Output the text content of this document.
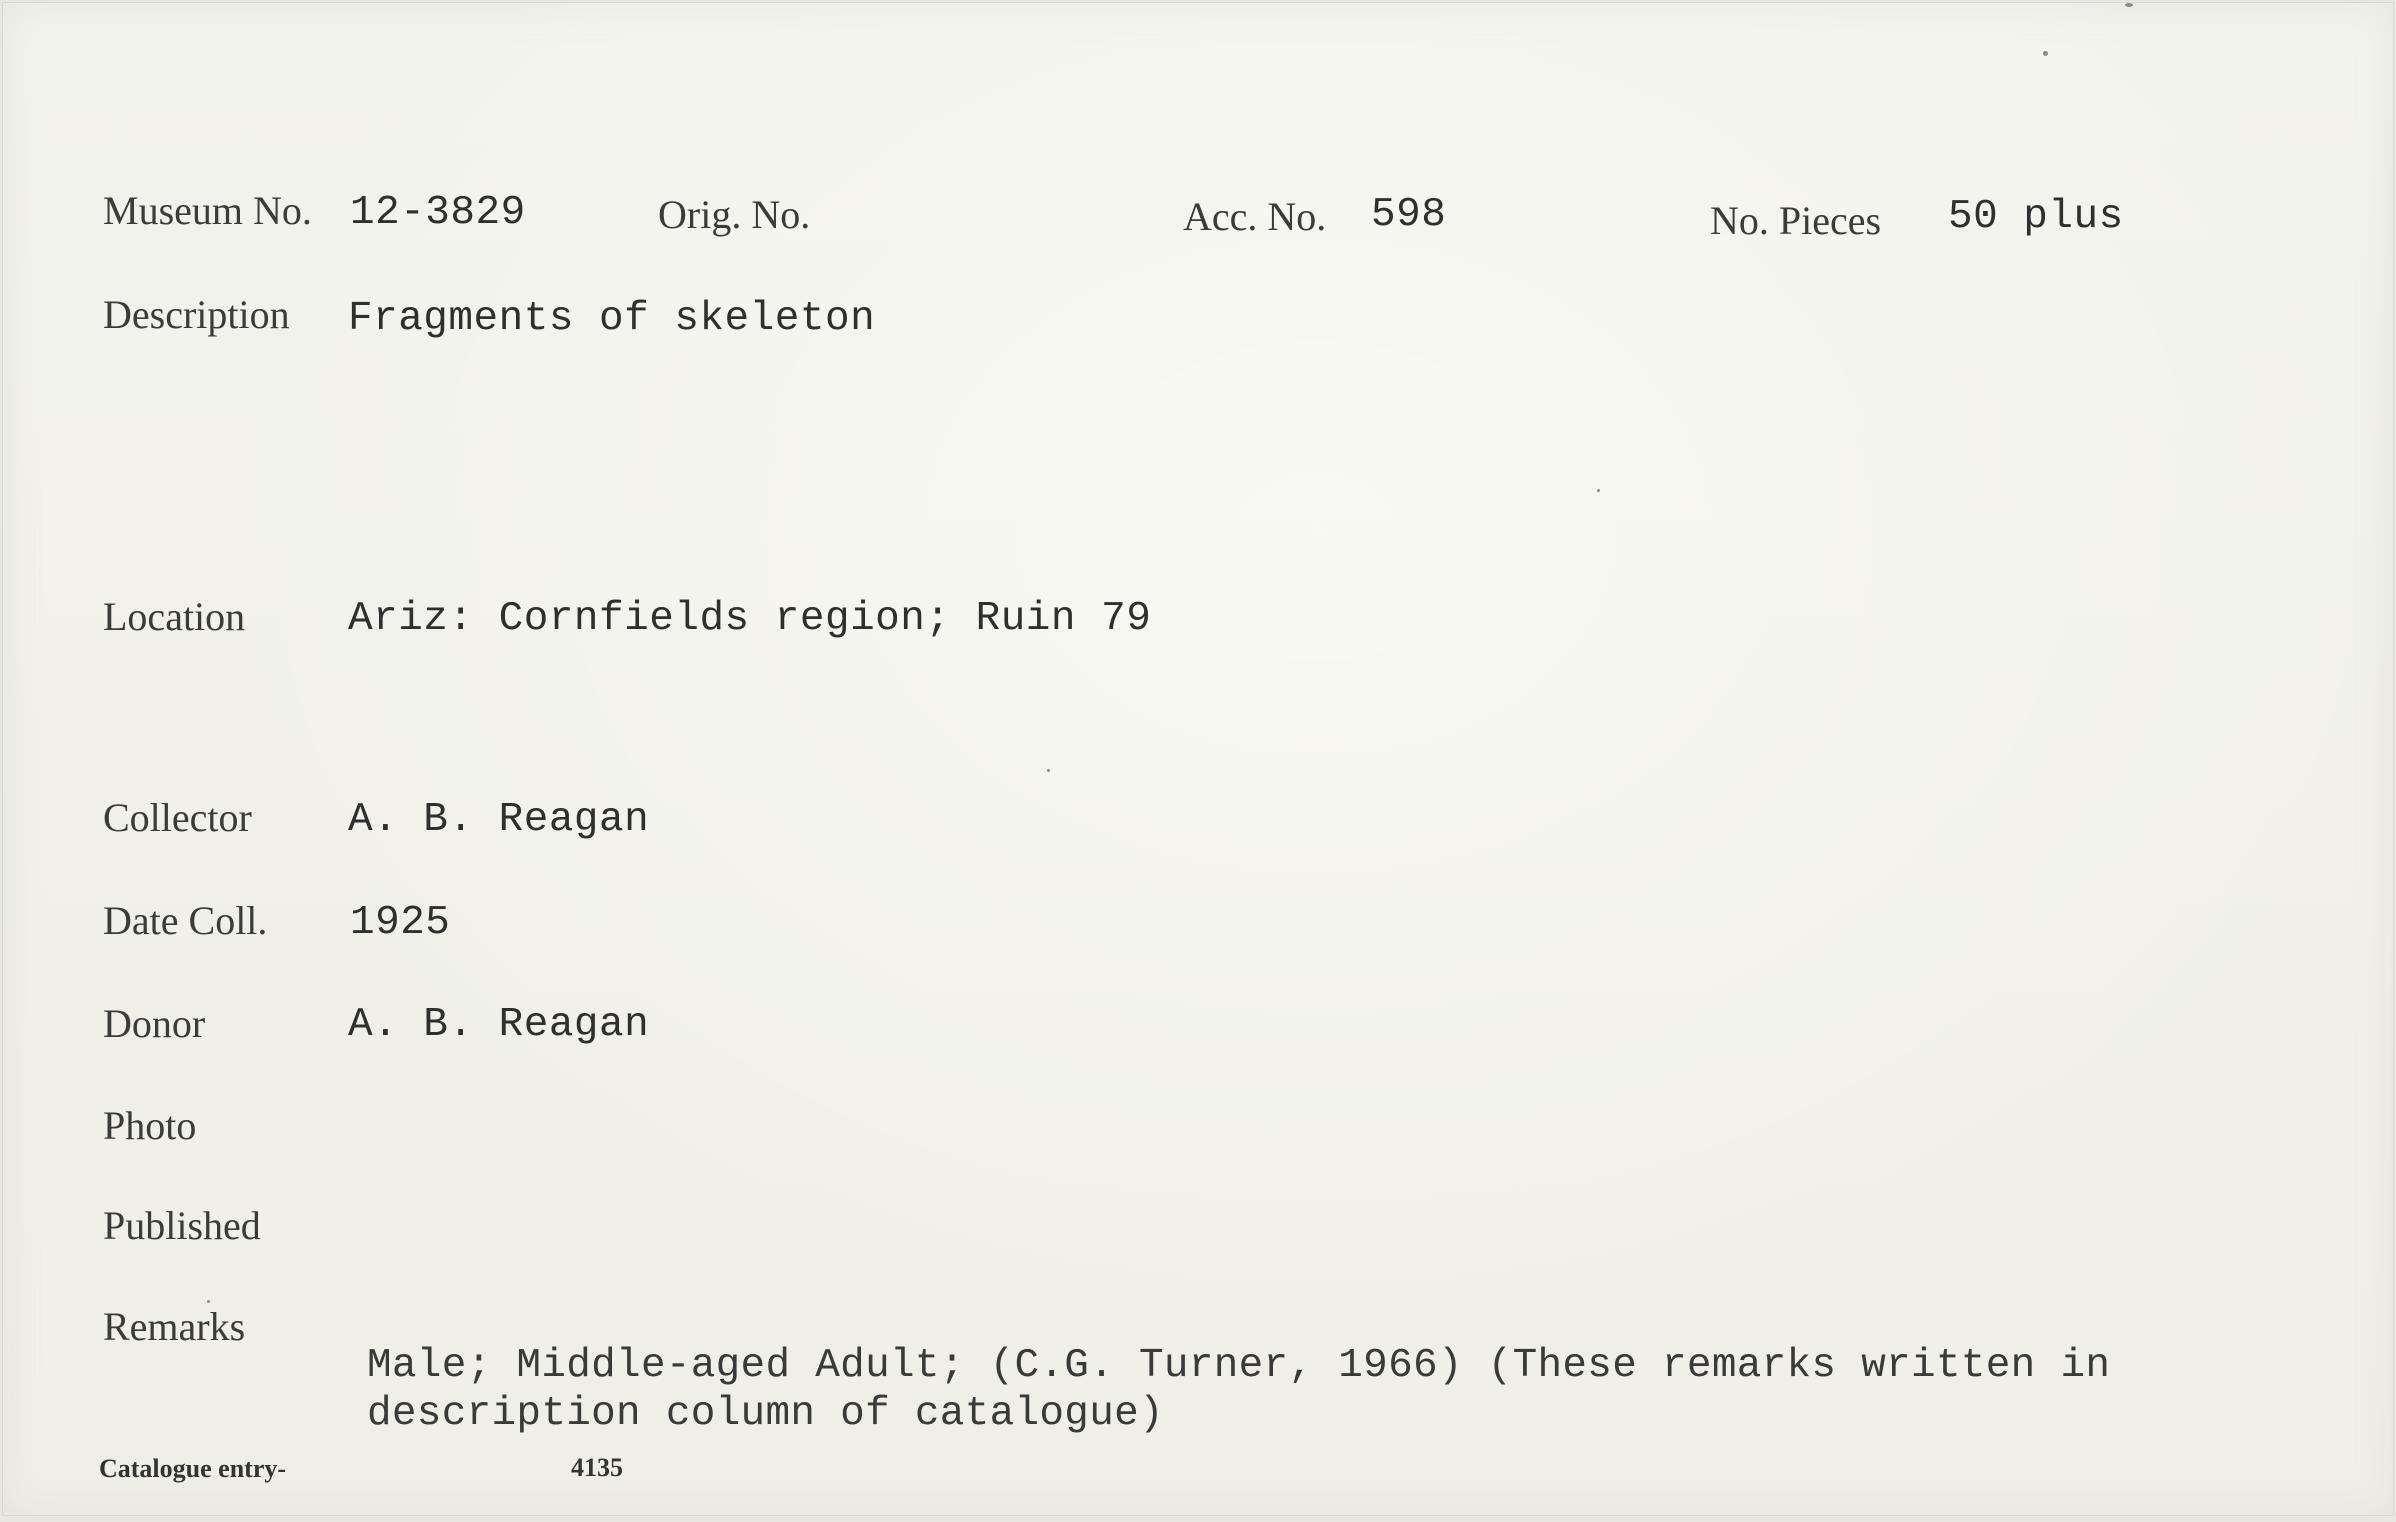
Museum No. 12-3829	Orig. No.	Acc. No. 598	No. Pieces 50 plus
Description Fragments of skeleton
Location	Ariz: Cornfields region; Ruin 79
Collector A. B. Reagan
Date Coll. 1925
Donor	A. B. Reagan
Photo
Published
Remarks
Male; Middle-aged Adult; (C.G. Turner, 1966) (These remarks written in
description column of catalogue)
Catalogue entry-	4135
